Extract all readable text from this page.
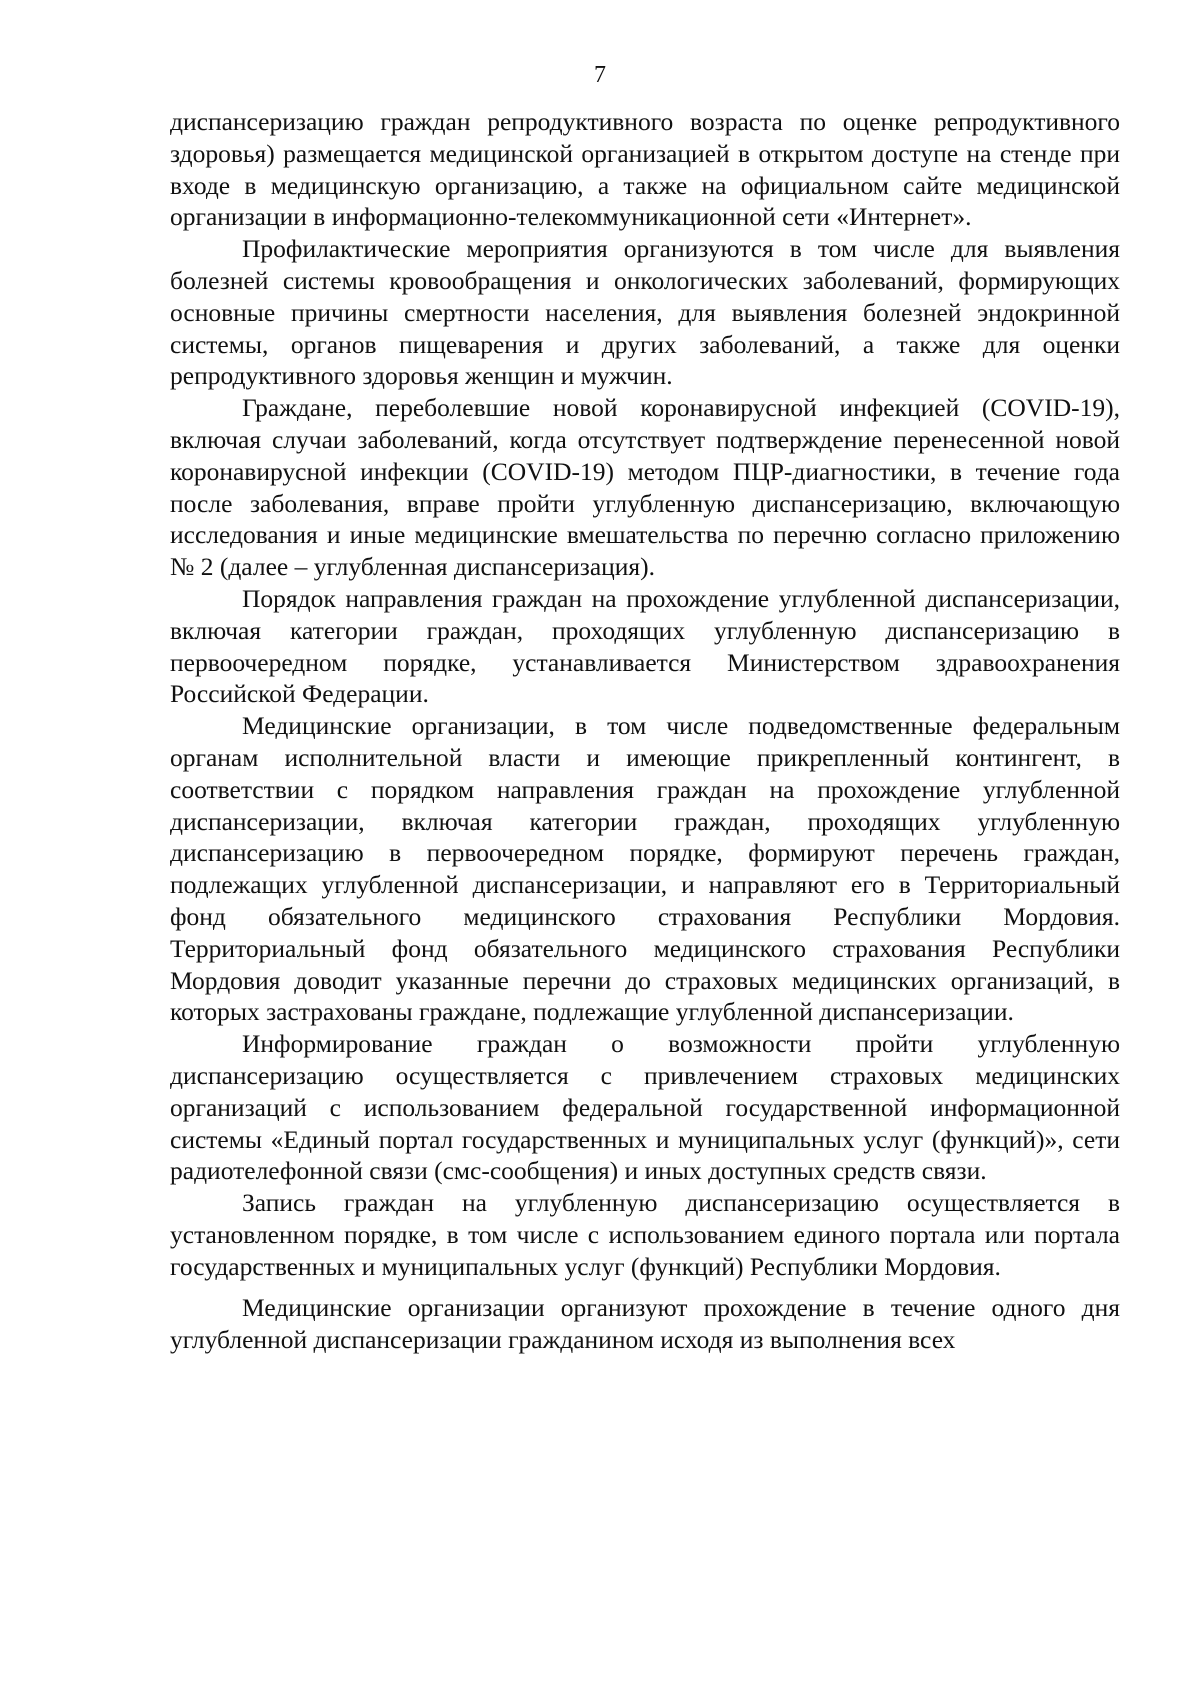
7

диспансеризацию граждан репродуктивного возраста по оценке репродуктивного здоровья) размещается медицинской организацией в открытом доступе на стенде при входе в медицинскую организацию, а также на официальном сайте медицинской организации в информационно-телекоммуникационной сети «Интернет».

Профилактические мероприятия организуются в том числе для выявления болезней системы кровообращения и онкологических заболеваний, формирующих основные причины смертности населения, для выявления болезней эндокринной системы, органов пищеварения и других заболеваний, а также для оценки репродуктивного здоровья женщин и мужчин.

Граждане, переболевшие новой коронавирусной инфекцией (COVID-19), включая случаи заболеваний, когда отсутствует подтверждение перенесенной новой коронавирусной инфекции (COVID-19) методом ПЦР-диагностики, в течение года после заболевания, вправе пройти углубленную диспансеризацию, включающую исследования и иные медицинские вмешательства по перечню согласно приложению № 2 (далее – углубленная диспансеризация).

Порядок направления граждан на прохождение углубленной диспансеризации, включая категории граждан, проходящих углубленную диспансеризацию в первоочередном порядке, устанавливается Министерством здравоохранения Российской Федерации.

Медицинские организации, в том числе подведомственные федеральным органам исполнительной власти и имеющие прикрепленный контингент, в соответствии с порядком направления граждан на прохождение углубленной диспансеризации, включая категории граждан, проходящих углубленную диспансеризацию в первоочередном порядке, формируют перечень граждан, подлежащих углубленной диспансеризации, и направляют его в Территориальный фонд обязательного медицинского страхования Республики Мордовия. Территориальный фонд обязательного медицинского страхования Республики Мордовия доводит указанные перечни до страховых медицинских организаций, в которых застрахованы граждане, подлежащие углубленной диспансеризации.

Информирование граждан о возможности пройти углубленную диспансеризацию осуществляется с привлечением страховых медицинских организаций с использованием федеральной государственной информационной системы «Единый портал государственных и муниципальных услуг (функций)», сети радиотелефонной связи (смс-сообщения) и иных доступных средств связи.

Запись граждан на углубленную диспансеризацию осуществляется в установленном порядке, в том числе с использованием единого портала или портала государственных и муниципальных услуг (функций) Республики Мордовия.

Медицинские организации организуют прохождение в течение одного дня углубленной диспансеризации гражданином исходя из выполнения всех
